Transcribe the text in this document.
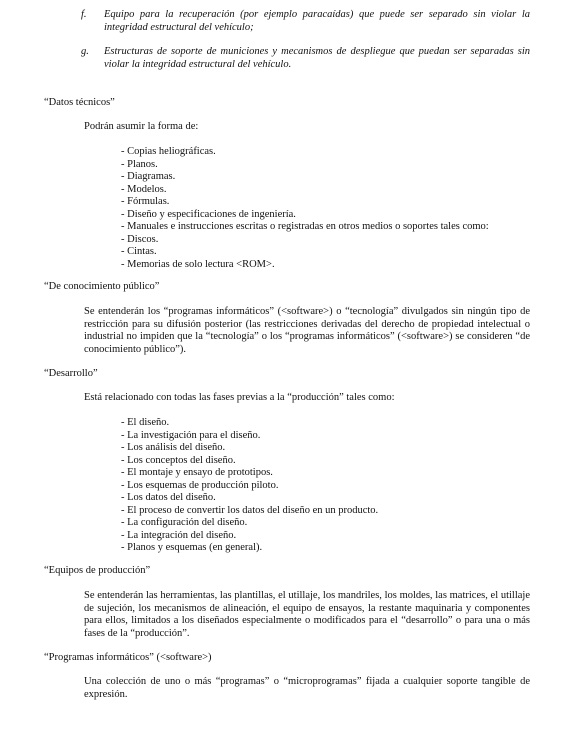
f. Equipo para la recuperación (por ejemplo paracaídas) que puede ser separado sin violar la integridad estructural del vehículo;
g. Estructuras de soporte de municiones y mecanismos de despliegue que puedan ser separadas sin violar la integridad estructural del vehículo.
“Datos técnicos”
Podrán asumir la forma de:
- Copias heliográficas.
- Planos.
- Diagramas.
- Modelos.
- Fórmulas.
- Diseño y especificaciones de ingeniería.
- Manuales e instrucciones escritas o registradas en otros medios o soportes tales como:
- Discos.
- Cintas.
- Memorias de solo lectura <ROM>.
“De conocimiento público”
Se entenderán los “programas informáticos” (<software>) o “tecnología” divulgados sin ningún tipo de restricción para su difusión posterior (las restricciones derivadas del derecho de propiedad intelectual o industrial no impiden que la “tecnología” o los “programas informáticos” (<software>) se consideren “de conocimiento público”).
“Desarrollo”
Está relacionado con todas las fases previas a la “producción” tales como:
- El diseño.
- La investigación para el diseño.
- Los análisis del diseño.
- Los conceptos del diseño.
- El montaje y ensayo de prototipos.
- Los esquemas de producción piloto.
- Los datos del diseño.
- El proceso de convertir los datos del diseño en un producto.
- La configuración del diseño.
- La integración del diseño.
- Planos y esquemas (en general).
“Equipos de producción”
Se entenderán las herramientas, las plantillas, el utillaje, los mandriles, los moldes, las matrices, el utillaje de sujeción, los mecanismos de alineación, el equipo de ensayos, la restante maquinaria y componentes para ellos, limitados a los diseñados especialmente o modificados para el “desarrollo” o para una o más fases de la “producción”.
“Programas informáticos” (<software>)
Una colección de uno o más “programas” o “microprogramas” fijada a cualquier soporte tangible de expresión.
